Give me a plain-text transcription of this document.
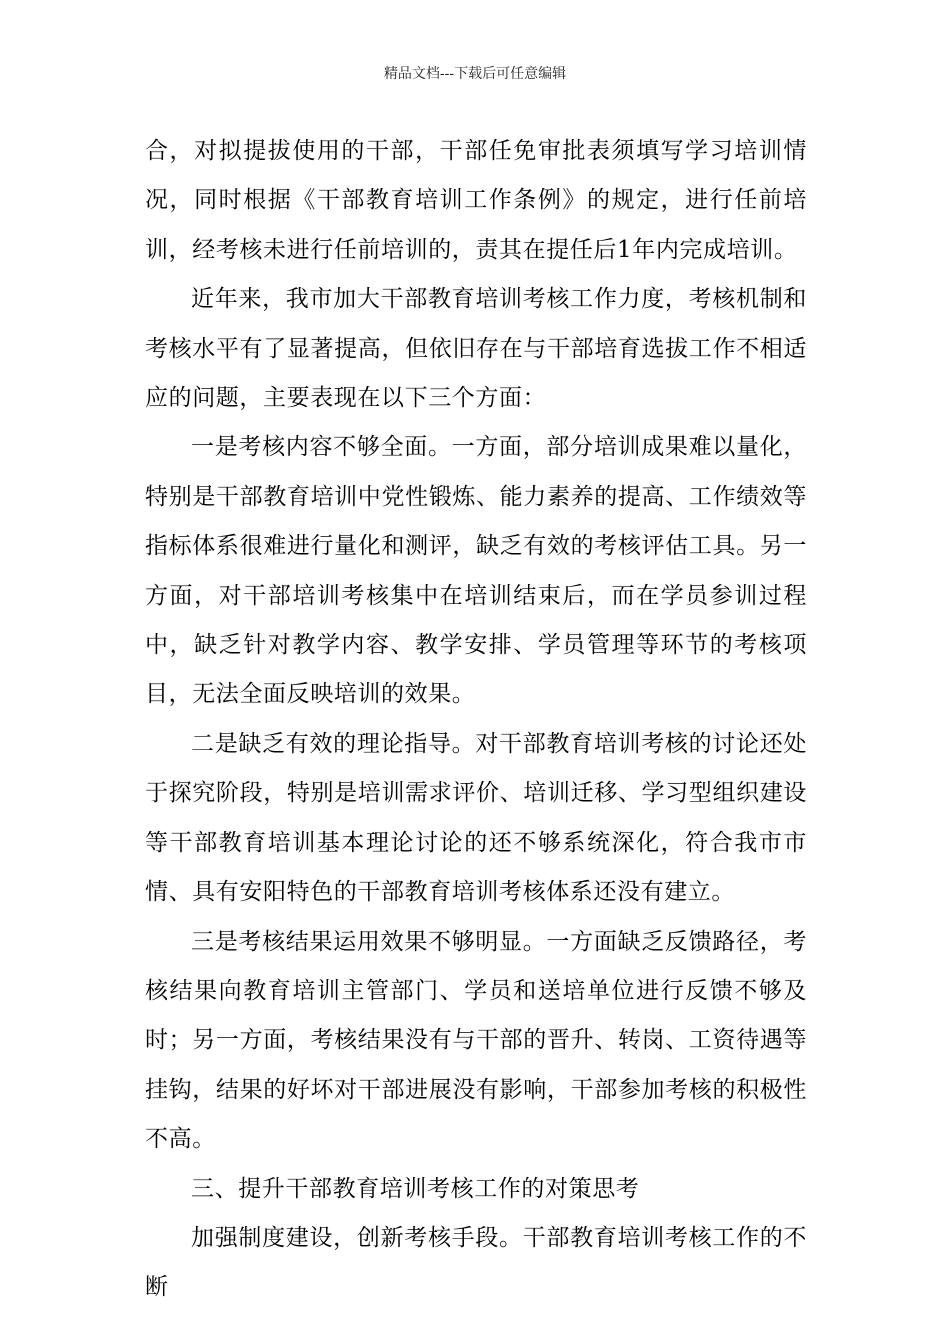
精品文档---下载后可任意编辑

合，对拟提拔使用的干部，干部任免审批表须填写学习培训情况，同时根据《干部教育培训工作条例》的规定，进行任前培训，经考核未进行任前培训的，责其在提任后1年内完成培训。

近年来，我市加大干部教育培训考核工作力度，考核机制和考核水平有了显著提高，但依旧存在与干部培育选拔工作不相适应的问题，主要表现在以下三个方面：

一是考核内容不够全面。一方面，部分培训成果难以量化，特别是干部教育培训中党性锻炼、能力素养的提高、工作绩效等指标体系很难进行量化和测评，缺乏有效的考核评估工具。另一方面，对干部培训考核集中在培训结束后，而在学员参训过程中，缺乏针对教学内容、教学安排、学员管理等环节的考核项目，无法全面反映培训的效果。

二是缺乏有效的理论指导。对干部教育培训考核的讨论还处于探究阶段，特别是培训需求评价、培训迁移、学习型组织建设等干部教育培训基本理论讨论的还不够系统深化，符合我市市情、具有安阳特色的干部教育培训考核体系还没有建立。

三是考核结果运用效果不够明显。一方面缺乏反馈路径，考核结果向教育培训主管部门、学员和送培单位进行反馈不够及时；另一方面，考核结果没有与干部的晋升、转岗、工资待遇等挂钩，结果的好坏对干部进展没有影响，干部参加考核的积极性不高。

三、提升干部教育培训考核工作的对策思考

加强制度建设，创新考核手段。干部教育培训考核工作的不断
